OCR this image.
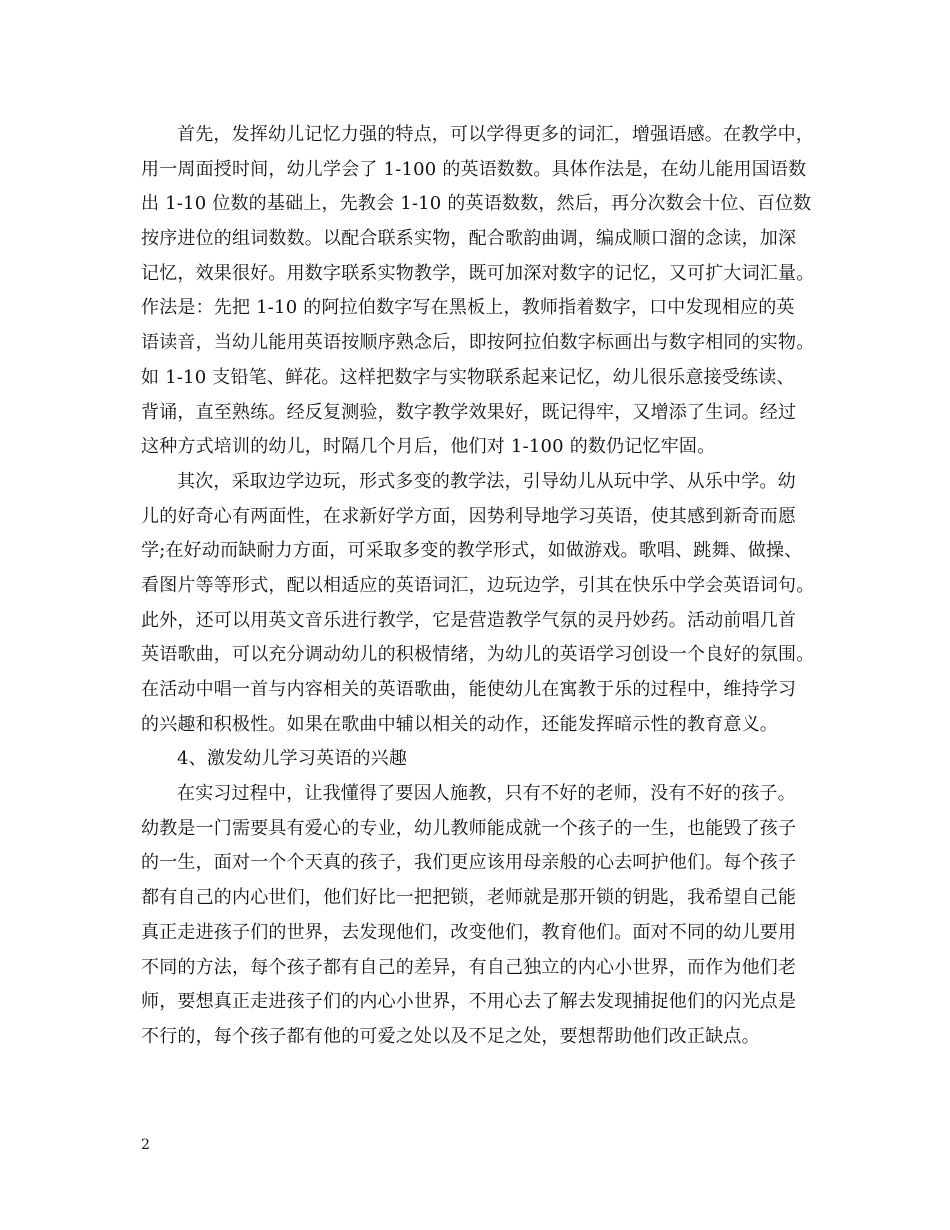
首先，发挥幼儿记忆力强的特点，可以学得更多的词汇，增强语感。在教学中，
用一周面授时间，幼儿学会了 1-100 的英语数数。具体作法是，在幼儿能用国语数
出 1-10 位数的基础上，先教会 1-10 的英语数数，然后，再分次数会十位、百位数
按序进位的组词数数。以配合联系实物，配合歌韵曲调，编成顺口溜的念读，加深
记忆，效果很好。用数字联系实物教学，既可加深对数字的记忆，又可扩大词汇量。
作法是：先把 1-10 的阿拉伯数字写在黑板上，教师指着数字，口中发现相应的英
语读音，当幼儿能用英语按顺序熟念后，即按阿拉伯数字标画出与数字相同的实物。
如 1-10 支铅笔、鲜花。这样把数字与实物联系起来记忆，幼儿很乐意接受练读、
背诵，直至熟练。经反复测验，数字教学效果好，既记得牢，又增添了生词。经过
这种方式培训的幼儿，时隔几个月后，他们对 1-100 的数仍记忆牢固。
其次，采取边学边玩，形式多变的教学法，引导幼儿从玩中学、从乐中学。幼
儿的好奇心有两面性，在求新好学方面，因势利导地学习英语，使其感到新奇而愿
学;在好动而缺耐力方面，可采取多变的教学形式，如做游戏。歌唱、跳舞、做操、
看图片等等形式，配以相适应的英语词汇，边玩边学，引其在快乐中学会英语词句。
此外，还可以用英文音乐进行教学，它是营造教学气氛的灵丹妙药。活动前唱几首
英语歌曲，可以充分调动幼儿的积极情绪，为幼儿的英语学习创设一个良好的氛围。
在活动中唱一首与内容相关的英语歌曲，能使幼儿在寓教于乐的过程中，维持学习
的兴趣和积极性。如果在歌曲中辅以相关的动作，还能发挥暗示性的教育意义。
4、激发幼儿学习英语的兴趣
在实习过程中，让我懂得了要因人施教，只有不好的老师，没有不好的孩子。
幼教是一门需要具有爱心的专业，幼儿教师能成就一个孩子的一生，也能毁了孩子
的一生，面对一个个天真的孩子，我们更应该用母亲般的心去呵护他们。每个孩子
都有自己的内心世们，他们好比一把把锁，老师就是那开锁的钥匙，我希望自己能
真正走进孩子们的世界，去发现他们，改变他们，教育他们。面对不同的幼儿要用
不同的方法，每个孩子都有自己的差异，有自己独立的内心小世界，而作为他们老
师，要想真正走进孩子们的内心小世界，不用心去了解去发现捕捉他们的闪光点是
不行的，每个孩子都有他的可爱之处以及不足之处，要想帮助他们改正缺点。
2
